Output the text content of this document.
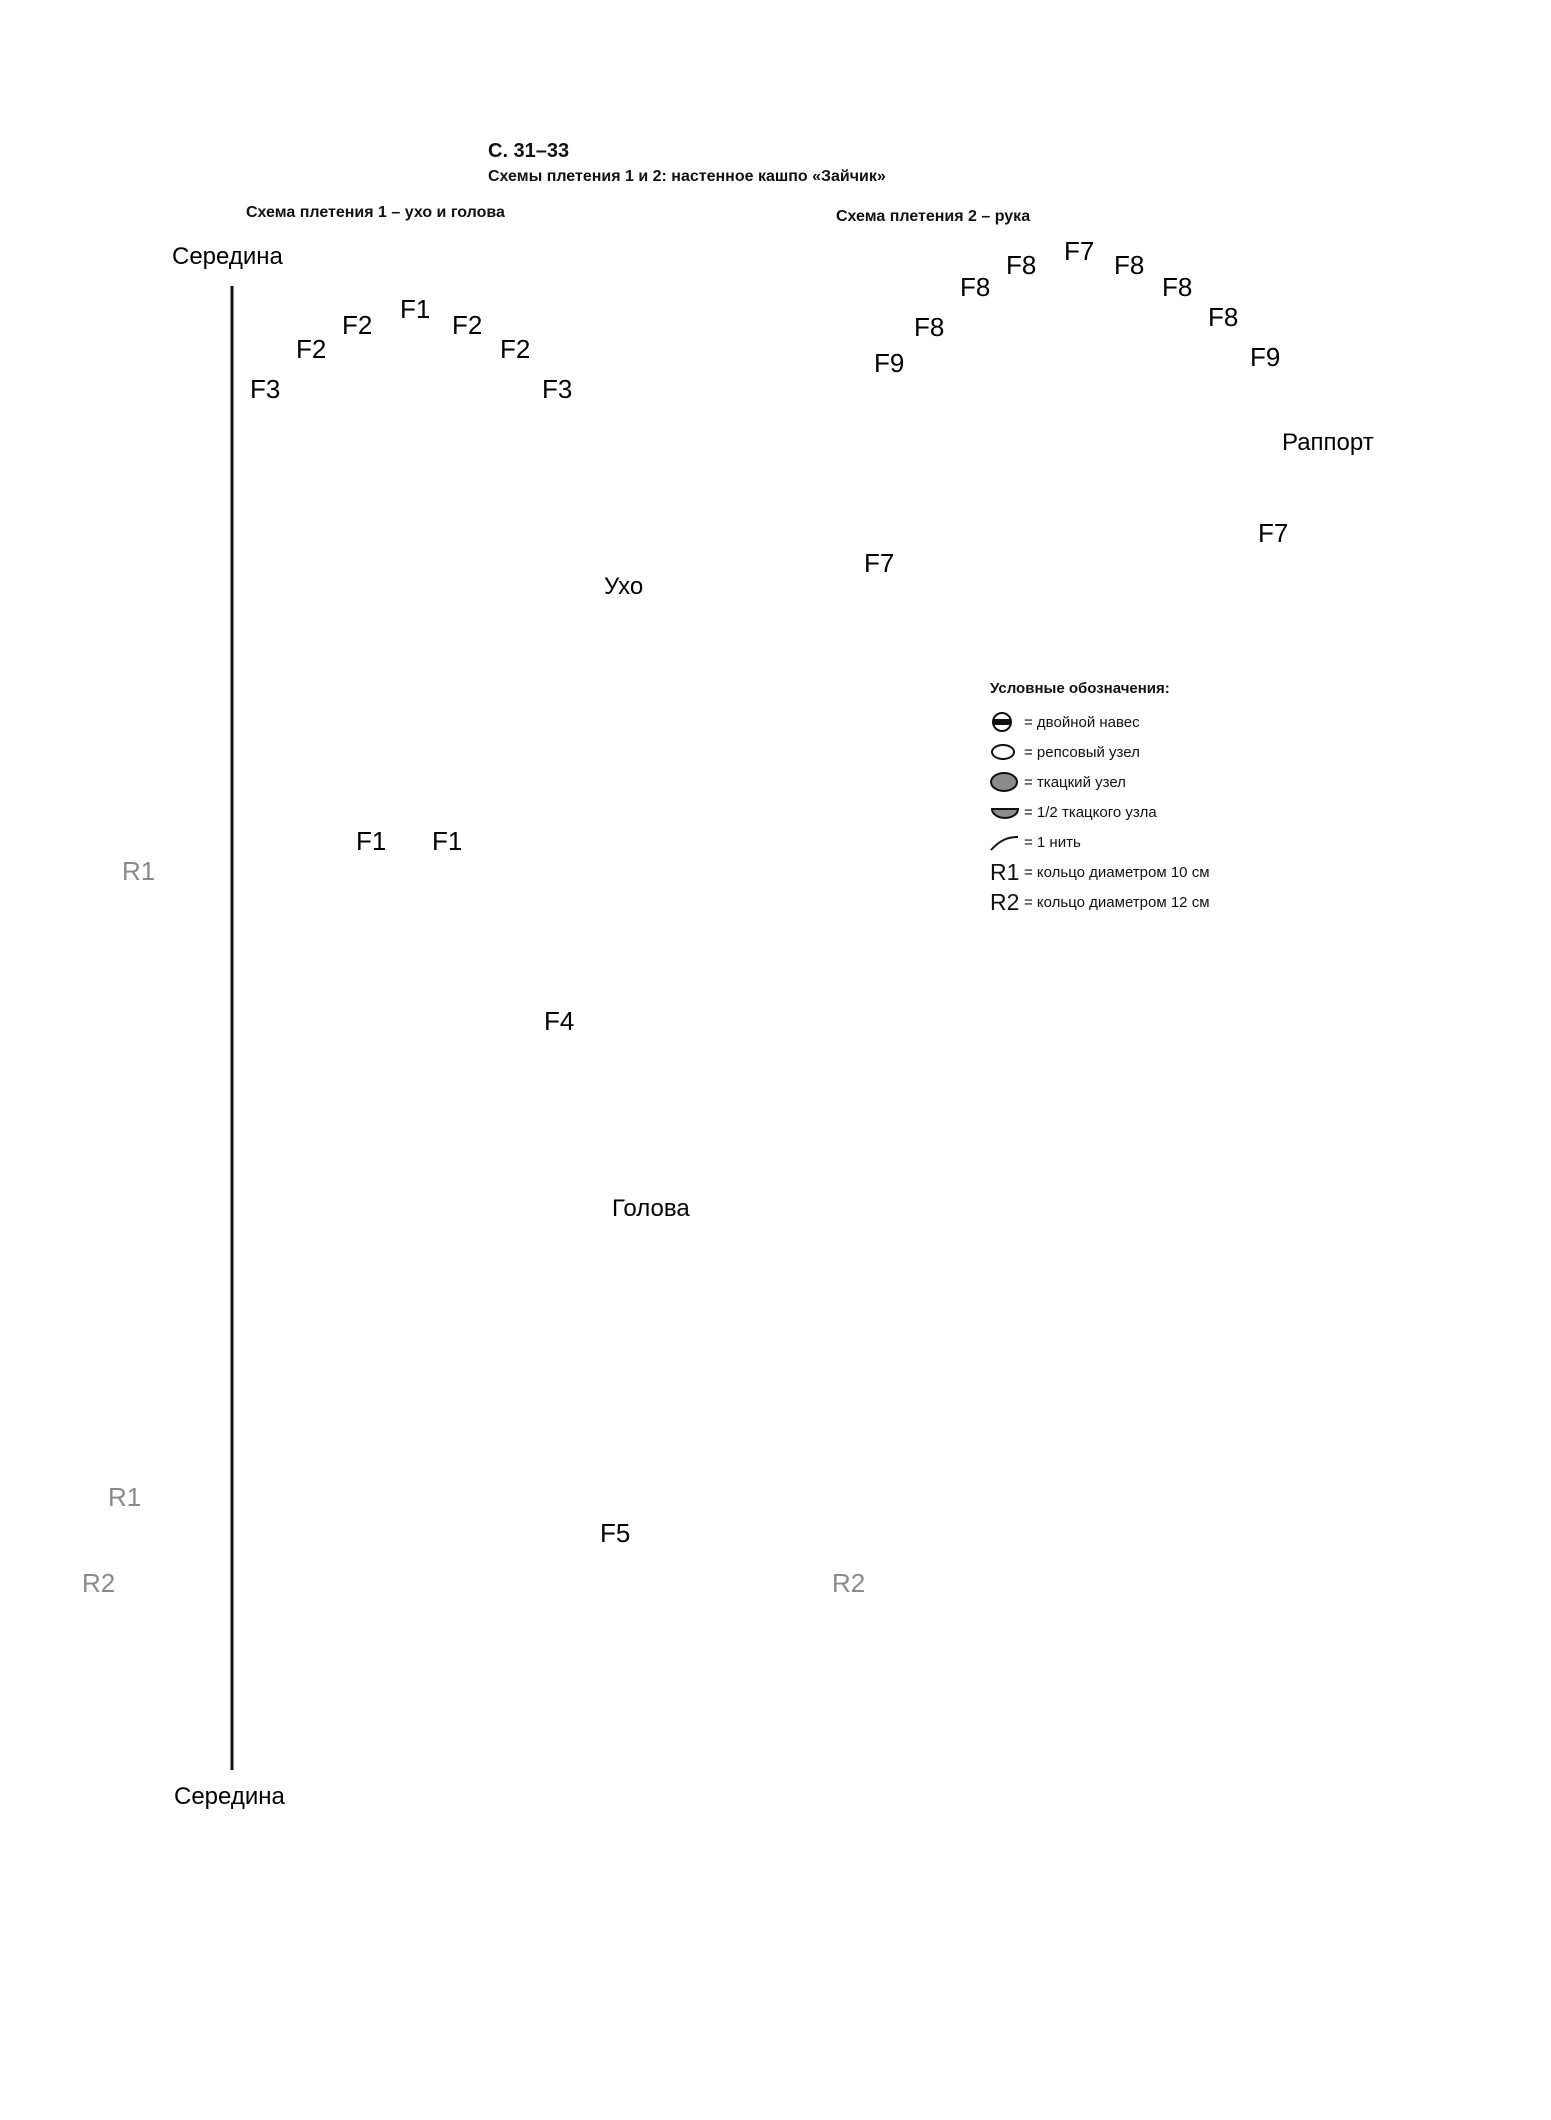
С. 31–33
Схемы плетения 1 и 2: настенное кашпо «Зайчик»
Схема плетения 1 – ухо и голова	Схема плетения 2 – рука
Середина
Середина
Ухо
Голова
F1
F2	F2
F2	F2
F3	F3
F1 F1
F4
F5
R1
R1
R2	R2
F7
F8	F8
F8	F8
F8	F8
F9	F9
F7
F7
Раппорт
Условные обозначения:
= двойной навес
= репсовый узел
= ткацкий узел
= 1/2 ткацкого узла
= 1 нить
R1 = кольцо диаметром 10 см
R2 = кольцо диаметром 12 см
